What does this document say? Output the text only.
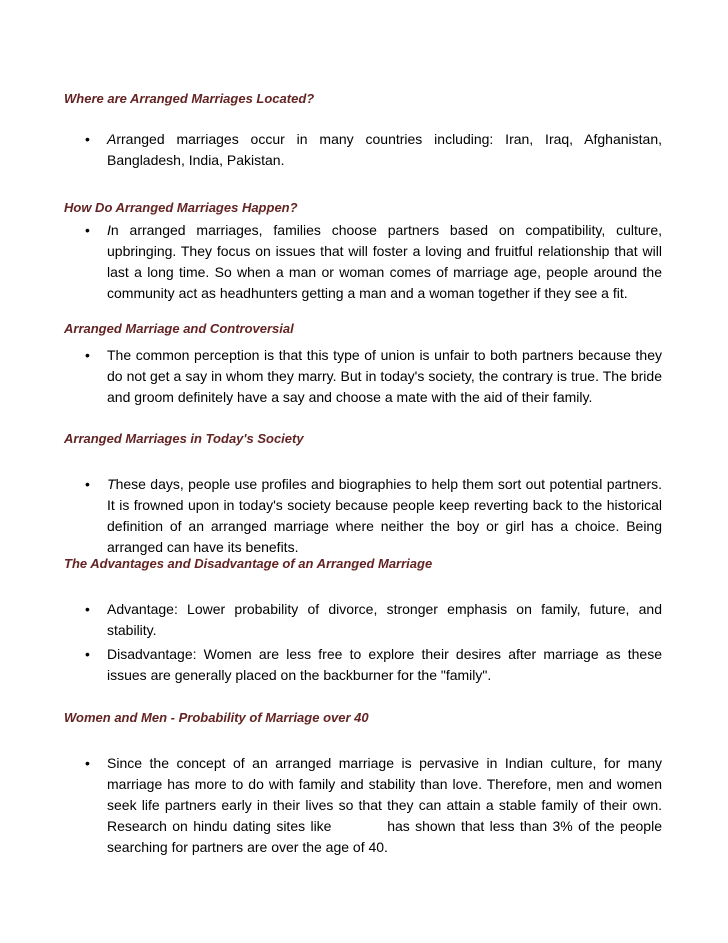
Where are Arranged Marriages Located?
• Arranged marriages occur in many countries including: Iran, Iraq, Afghanistan, Bangladesh, India, Pakistan.
How Do Arranged Marriages Happen?
• In arranged marriages, families choose partners based on compatibility, culture, upbringing. They focus on issues that will foster a loving and fruitful relationship that will last a long time. So when a man or woman comes of marriage age, people around the community act as headhunters getting a man and a woman together if they see a fit.
Arranged Marriage and Controversial
• The common perception is that this type of union is unfair to both partners because they do not get a say in whom they marry. But in today's society, the contrary is true. The bride and groom definitely have a say and choose a mate with the aid of their family.
Arranged Marriages in Today's Society
• These days, people use profiles and biographies to help them sort out potential partners. It is frowned upon in today's society because people keep reverting back to the historical definition of an arranged marriage where neither the boy or girl has a choice. Being arranged can have its benefits.
The Advantages and Disadvantage of an Arranged Marriage
• Advantage: Lower probability of divorce, stronger emphasis on family, future, and stability.
• Disadvantage: Women are less free to explore their desires after marriage as these issues are generally placed on the backburner for the "family".
Women and Men - Probability of Marriage over 40
• Since the concept of an arranged marriage is pervasive in Indian culture, for many marriage has more to do with family and stability than love. Therefore, men and women seek life partners early in their lives so that they can attain a stable family of their own. Research on hindu dating sites like	has shown that less than 3% of the people searching for partners are over the age of 40.
